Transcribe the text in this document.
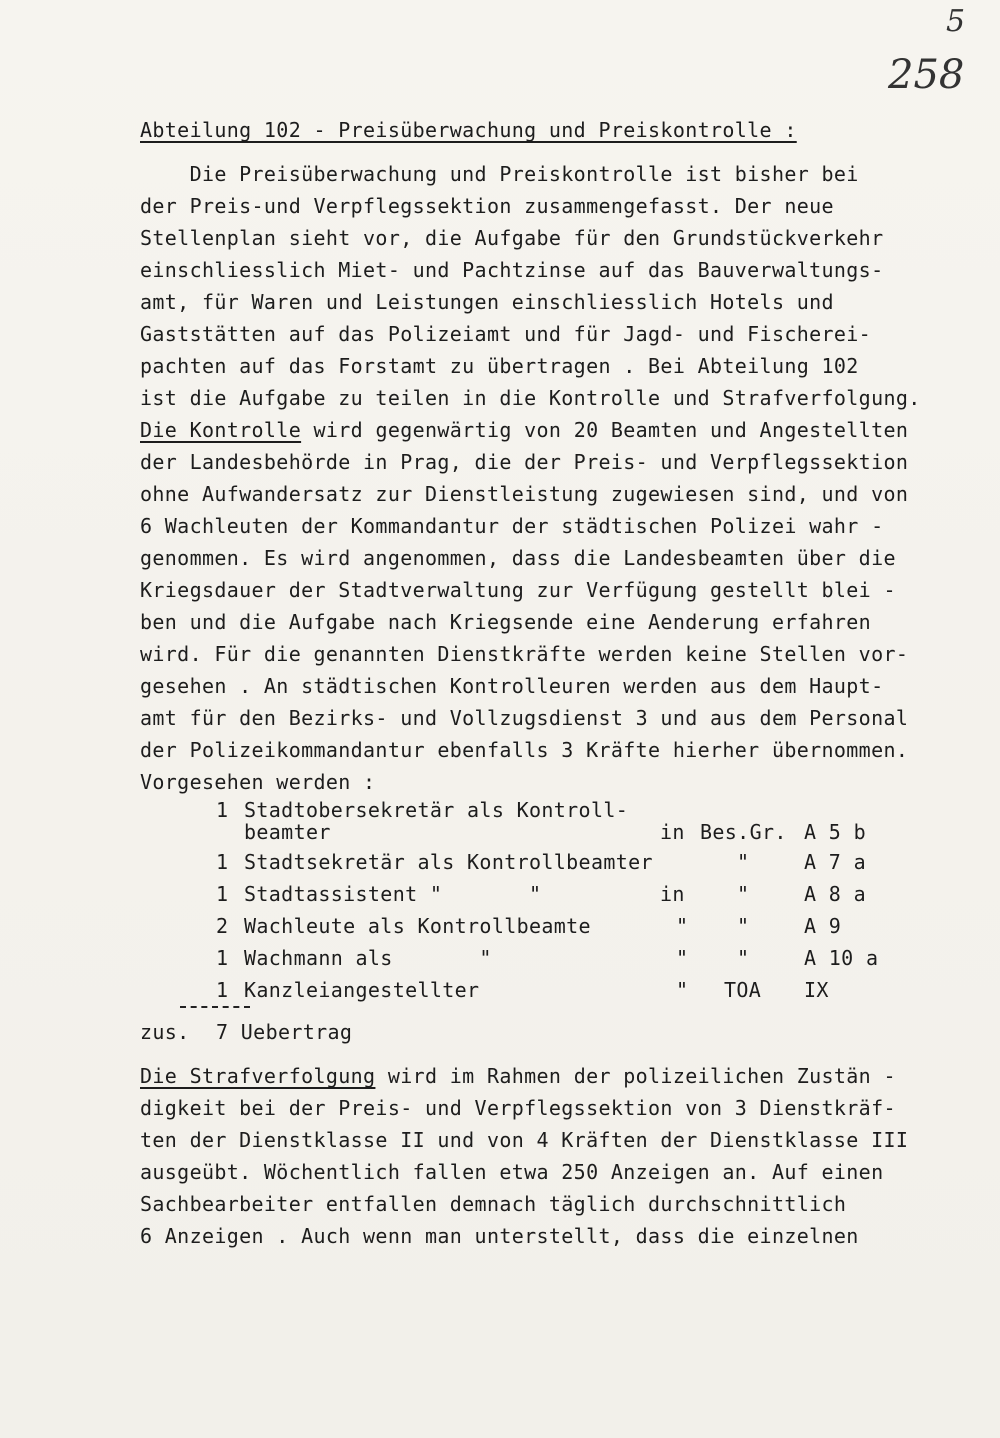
5
258
Abteilung 102 - Preisüberwachung und Preiskontrolle :
Die Preisüberwachung und Preiskontrolle ist bisher bei
der Preis-und Verpflegssektion zusammengefasst. Der neue
Stellenplan sieht vor, die Aufgabe für den Grundstückverkehr
einschliesslich Miet- und Pachtzinse auf das Bauverwaltungs-
amt, für Waren und Leistungen einschliesslich Hotels und
Gaststätten auf das Polizeiamt und für Jagd- und Fischerei-
pachten auf das Forstamt zu übertragen . Bei Abteilung 102
ist die Aufgabe zu teilen in die Kontrolle und Strafverfolgung.
Die Kontrolle wird gegenwärtig von 20 Beamten und Angestellten
der Landesbehörde in Prag, die der Preis- und Verpflegssektion
ohne Aufwandersatz zur Dienstleistung zugewiesen sind, und von
6 Wachleuten der Kommandantur der städtischen Polizei wahr -
genommen. Es wird angenommen, dass die Landesbeamten über die
Kriegsdauer der Stadtverwaltung zur Verfügung gestellt blei -
ben und die Aufgabe nach Kriegsende eine Aenderung erfahren
wird. Für die genannten Dienstkräfte werden keine Stellen vor-
gesehen . An städtischen Kontrolleuren werden aus dem Haupt-
amt für den Bezirks- und Vollzugsdienst 3 und aus dem Personal
der Polizeikommandantur ebenfalls 3 Kräfte hierher übernommen.
Vorgesehen werden :
1 Stadtobersekretär als Kontroll-
beamter	in Bes.Gr. A 5 b
1 Stadtsekretär als Kontrollbeamter	"	A 7 a
1 Stadtassistent "       "	in	"	A 8 a
2 Wachleute als Kontrollbeamte	" "	A 9
1 Wachmann als       "	" "	A 10 a
1 Kanzleiangestellter	" TOA IX
zus. 7 Uebertrag
Die Strafverfolgung wird im Rahmen der polizeilichen Zustän -
digkeit bei der Preis- und Verpflegssektion von 3 Dienstkräf-
ten der Dienstklasse II und von 4 Kräften der Dienstklasse III
ausgeübt. Wöchentlich fallen etwa 250 Anzeigen an. Auf einen
Sachbearbeiter entfallen demnach täglich durchschnittlich
6 Anzeigen . Auch wenn man unterstellt, dass die einzelnen
